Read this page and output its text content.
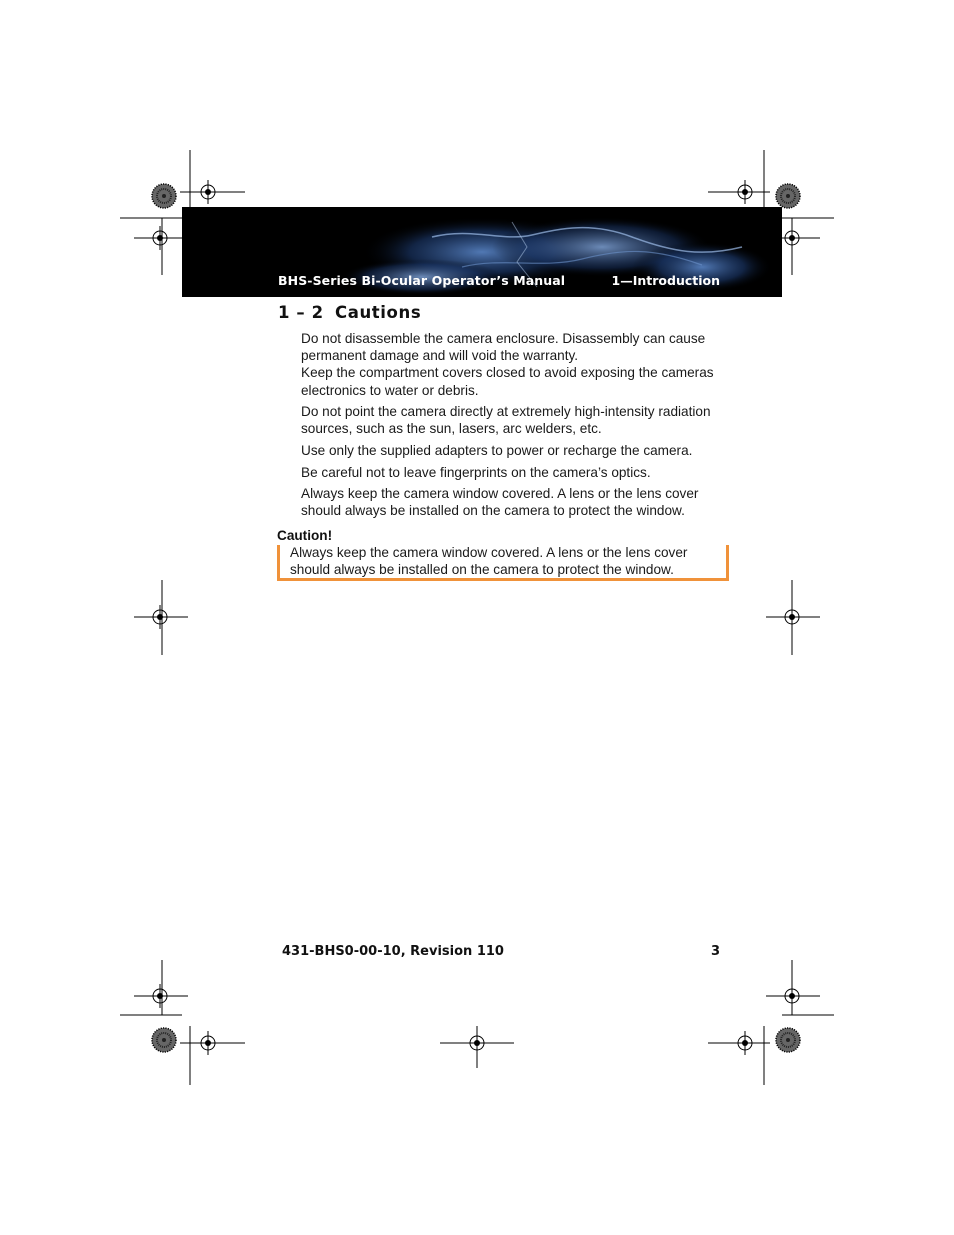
BHS-Series Bi-Ocular Operator’s Manual	1—Introduction
1 – 2 Cautions

Do not disassemble the camera enclosure. Disassembly can cause permanent damage and will void the warranty.

Keep the compartment covers closed to avoid exposing the cameras electronics to water or debris.

Do not point the camera directly at extremely high-intensity radiation sources, such as the sun, lasers, arc welders, etc.

Use only the supplied adapters to power or recharge the camera.

Be careful not to leave fingerprints on the camera’s optics.

Always keep the camera window covered. A lens or the lens cover should always be installed on the camera to protect the window.

Caution!
Always keep the camera window covered. A lens or the lens cover should always be installed on the camera to protect the window.
431-BHS0-00-10, Revision 110	3
